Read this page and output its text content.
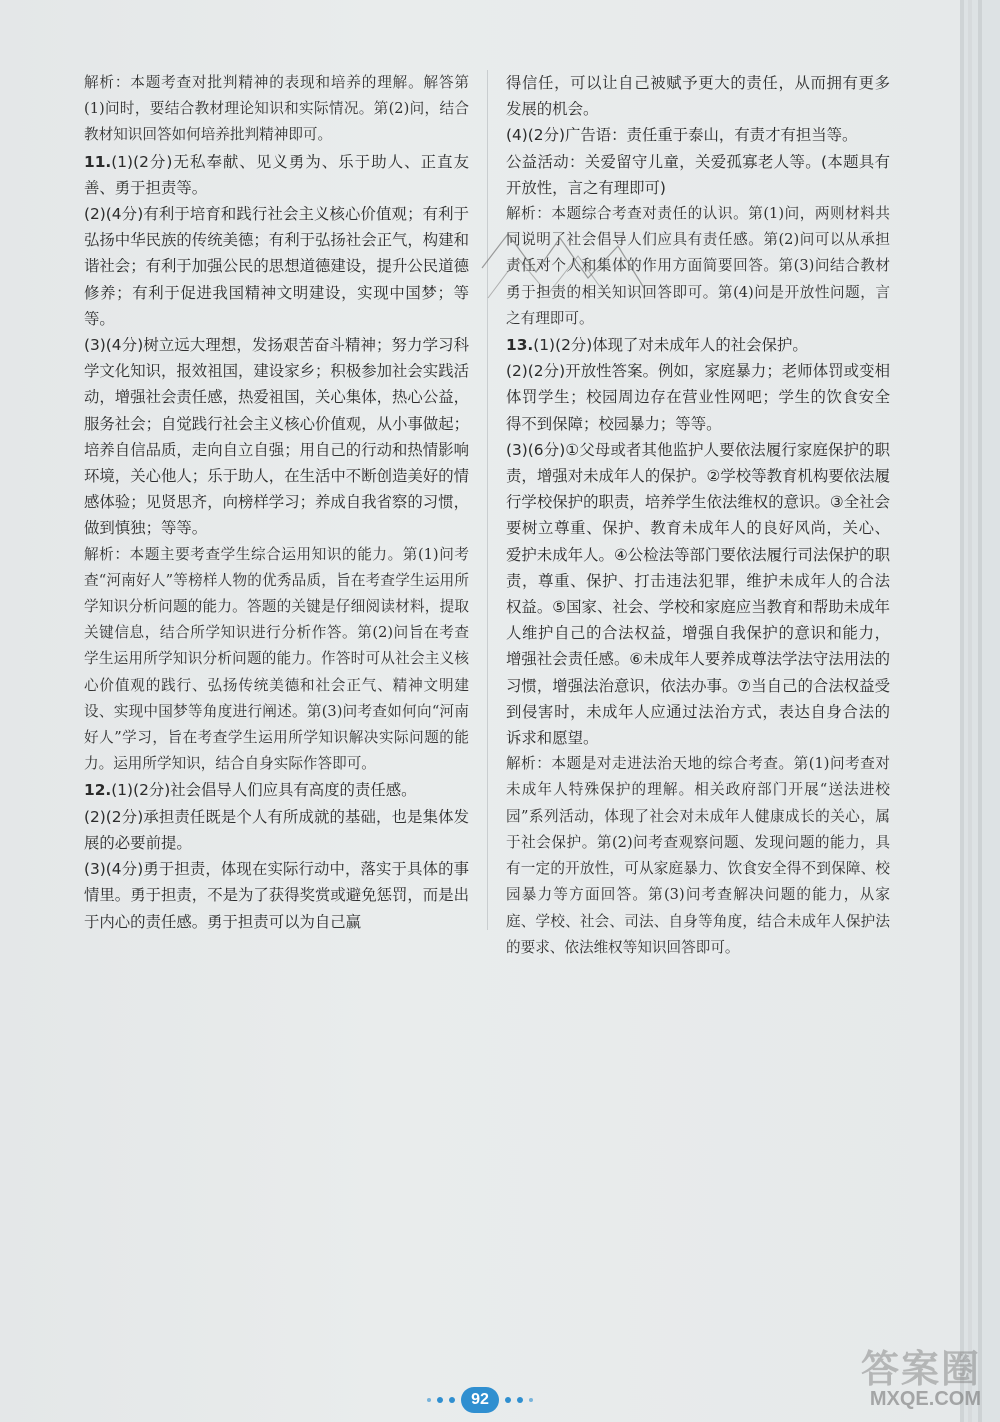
解析：本题考查对批判精神的表现和培养的理解。解答第(1)问时，要结合教材理论知识和实际情况。第(2)问，结合教材知识回答如何培养批判精神即可。

11.(1)(2分)无私奉献、见义勇为、乐于助人、正直友善、勇于担责等。

(2)(4分)有利于培育和践行社会主义核心价值观；有利于弘扬中华民族的传统美德；有利于弘扬社会正气，构建和谐社会；有利于加强公民的思想道德建设，提升公民道德修养；有利于促进我国精神文明建设，实现中国梦；等等。

(3)(4分)树立远大理想，发扬艰苦奋斗精神；努力学习科学文化知识，报效祖国，建设家乡；积极参加社会实践活动，增强社会责任感，热爱祖国，关心集体，热心公益，服务社会；自觉践行社会主义核心价值观，从小事做起；培养自信品质，走向自立自强；用自己的行动和热情影响环境，关心他人；乐于助人，在生活中不断创造美好的情感体验；见贤思齐，向榜样学习；养成自我省察的习惯，做到慎独；等等。

解析：本题主要考查学生综合运用知识的能力。第(1)问考查“河南好人”等榜样人物的优秀品质，旨在考查学生运用所学知识分析问题的能力。答题的关键是仔细阅读材料，提取关键信息，结合所学知识进行分析作答。第(2)问旨在考查学生运用所学知识分析问题的能力。作答时可从社会主义核心价值观的践行、弘扬传统美德和社会正气、精神文明建设、实现中国梦等角度进行阐述。第(3)问考查如何向“河南好人”学习，旨在考查学生运用所学知识解决实际问题的能力。运用所学知识，结合自身实际作答即可。

12.(1)(2分)社会倡导人们应具有高度的责任感。

(2)(2分)承担责任既是个人有所成就的基础，也是集体发展的必要前提。

(3)(4分)勇于担责，体现在实际行动中，落实于具体的事情里。勇于担责，不是为了获得奖赏或避免惩罚，而是出于内心的责任感。勇于担责可以为自己赢

得信任，可以让自己被赋予更大的责任，从而拥有更多发展的机会。

(4)(2分)广告语：责任重于泰山，有责才有担当等。

公益活动：关爱留守儿童，关爱孤寡老人等。(本题具有开放性，言之有理即可)

解析：本题综合考查对责任的认识。第(1)问，两则材料共同说明了社会倡导人们应具有责任感。第(2)问可以从承担责任对个人和集体的作用方面简要回答。第(3)问结合教材勇于担责的相关知识回答即可。第(4)问是开放性问题，言之有理即可。

13.(1)(2分)体现了对未成年人的社会保护。

(2)(2分)开放性答案。例如，家庭暴力；老师体罚或变相体罚学生；校园周边存在营业性网吧；学生的饮食安全得不到保障；校园暴力；等等。

(3)(6分)①父母或者其他监护人要依法履行家庭保护的职责，增强对未成年人的保护。②学校等教育机构要依法履行学校保护的职责，培养学生依法维权的意识。③全社会要树立尊重、保护、教育未成年人的良好风尚，关心、爱护未成年人。④公检法等部门要依法履行司法保护的职责，尊重、保护、打击违法犯罪，维护未成年人的合法权益。⑤国家、社会、学校和家庭应当教育和帮助未成年人维护自己的合法权益，增强自我保护的意识和能力，增强社会责任感。⑥未成年人要养成尊法学法守法用法的习惯，增强法治意识，依法办事。⑦当自己的合法权益受到侵害时，未成年人应通过法治方式，表达自身合法的诉求和愿望。

解析：本题是对走进法治天地的综合考查。第(1)问考查对未成年人特殊保护的理解。相关政府部门开展“送法进校园”系列活动，体现了社会对未成年人健康成长的关心，属于社会保护。第(2)问考查观察问题、发现问题的能力，具有一定的开放性，可从家庭暴力、饮食安全得不到保障、校园暴力等方面回答。第(3)问考查解决问题的能力，从家庭、学校、社会、司法、自身等角度，结合未成年人保护法的要求、依法维权等知识回答即可。

92
答案圈
MXQE.COM
